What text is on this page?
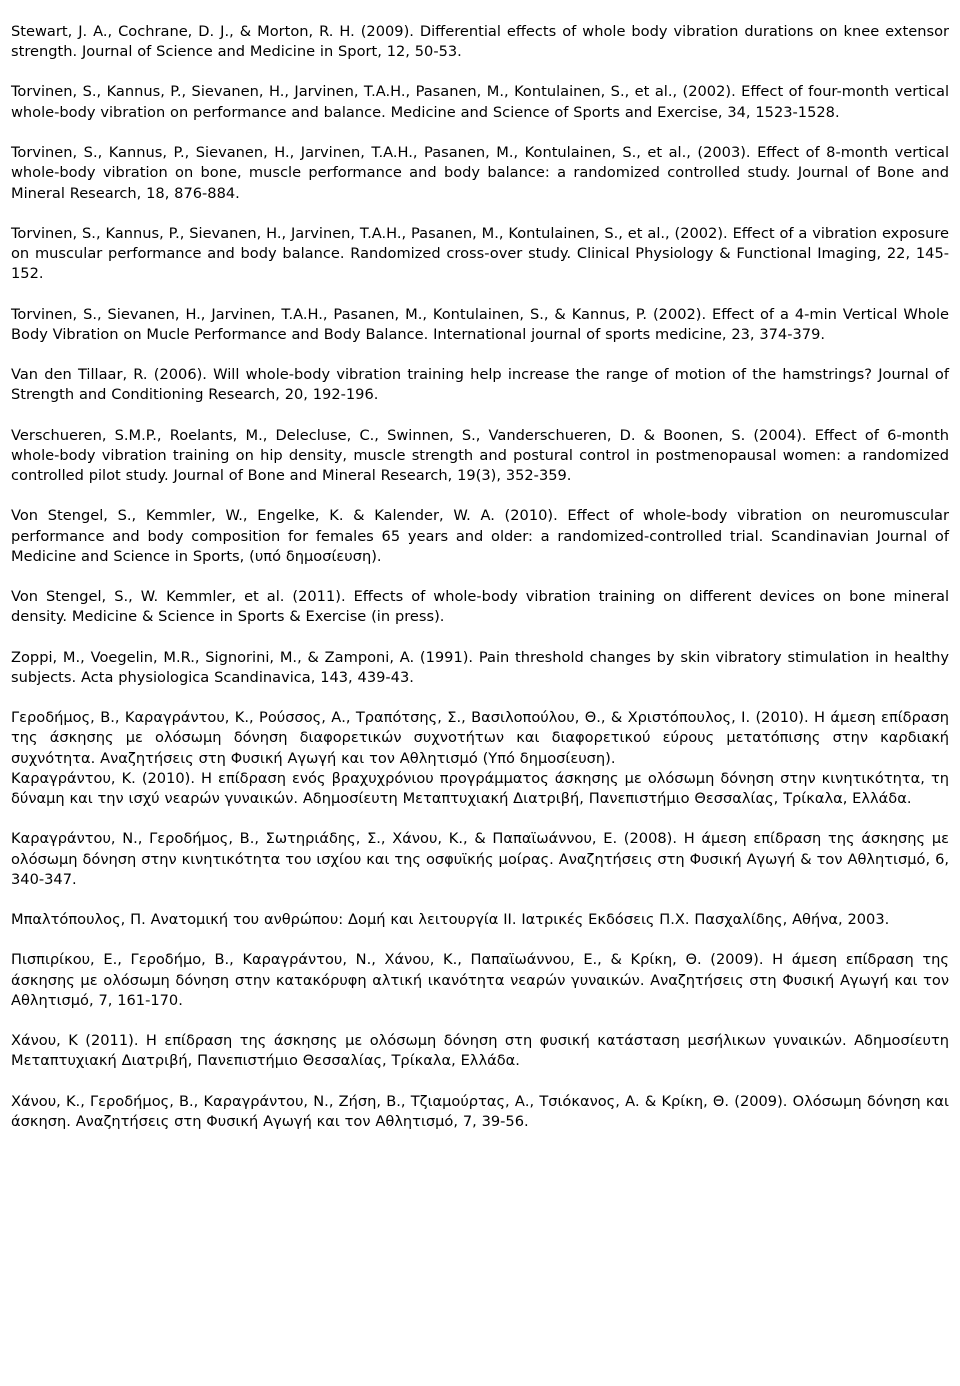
Stewart, J. A., Cochrane, D. J., & Morton, R. H. (2009). Differential effects of whole body vibration durations on knee extensor strength. Journal of Science and Medicine in Sport, 12, 50-53.

Torvinen, S., Kannus, P., Sievanen, H., Jarvinen, T.A.H., Pasanen, M., Kontulainen, S., et al., (2002). Effect of four-month vertical whole-body vibration on performance and balance. Medicine and Science of Sports and Exercise, 34, 1523-1528.

Torvinen, S., Kannus, P., Sievanen, H., Jarvinen, T.A.H., Pasanen, M., Kontulainen, S., et al., (2003). Effect of 8-month vertical whole-body vibration on bone, muscle performance and body balance: a randomized controlled study. Journal of Bone and Mineral Research, 18, 876-884.

Torvinen, S., Kannus, P., Sievanen, H., Jarvinen, T.A.H., Pasanen, M., Kontulainen, S., et al., (2002). Effect of a vibration exposure on muscular performance and body balance. Randomized cross-over study. Clinical Physiology & Functional Imaging, 22, 145-152.

Torvinen, S., Sievanen, H., Jarvinen, T.A.H., Pasanen, M., Kontulainen, S., & Kannus, P. (2002). Effect of a 4-min Vertical Whole Body Vibration on Mucle Performance and Body Balance. International journal of sports medicine, 23, 374-379.

Van den Tillaar, R. (2006). Will whole-body vibration training help increase the range of motion of the hamstrings? Journal of Strength and Conditioning Research, 20, 192-196.

Verschueren, S.M.P., Roelants, M., Delecluse, C., Swinnen, S., Vanderschueren, D. & Boonen, S. (2004). Effect of 6-month whole-body vibration training on hip density, muscle strength and postural control in postmenopausal women: a randomized controlled pilot study. Journal of Bone and Mineral Research, 19(3), 352-359.

Von Stengel, S., Kemmler, W., Engelke, K. & Kalender, W. A. (2010). Effect of whole-body vibration on neuromuscular performance and body composition for females 65 years and older: a randomized-controlled trial. Scandinavian Journal of Medicine and Science in Sports, (υπό δημοσίευση).

Von Stengel, S., W. Kemmler, et al. (2011). Effects of whole-body vibration training on different devices on bone mineral density. Medicine & Science in Sports & Exercise (in press).

Zoppi, M., Voegelin, M.R., Signorini, M., & Zamponi, A. (1991). Pain threshold changes by skin vibratory stimulation in healthy subjects. Acta physiologica Scandinavica, 143, 439-43.

Γεροδήμος, Β., Καραγράντου, Κ., Ρούσσος, Α., Τραπότσης, Σ., Βασιλοπούλου, Θ., & Χριστόπουλος, Ι. (2010). Η άμεση επίδραση της άσκησης με ολόσωμη δόνηση διαφορετικών συχνοτήτων και διαφορετικού εύρους μετατόπισης στην καρδιακή συχνότητα. Αναζητήσεις στη Φυσική Αγωγή και τον Αθλητισμό (Υπό δημοσίευση).

Καραγράντου, Κ. (2010). Η επίδραση ενός βραχυχρόνιου προγράμματος άσκησης με ολόσωμη δόνηση στην κινητικότητα, τη δύναμη και την ισχύ νεαρών γυναικών. Αδημοσίευτη Μεταπτυχιακή Διατριβή, Πανεπιστήμιο Θεσσαλίας, Τρίκαλα, Ελλάδα.

Καραγράντου, Ν., Γεροδήμος, Β., Σωτηριάδης, Σ., Χάνου, Κ., & Παπαϊωάννου, Ε. (2008). Η άμεση επίδραση της άσκησης με ολόσωμη δόνηση στην κινητικότητα του ισχίου και της οσφυϊκής μοίρας. Αναζητήσεις στη Φυσική Αγωγή & τον Αθλητισμό, 6, 340-347.

Μπαλτόπουλος, Π. Ανατομική του ανθρώπου: Δομή και λειτουργία ΙΙ. Ιατρικές Εκδόσεις Π.Χ. Πασχαλίδης, Αθήνα, 2003.

Πισπιρίκου, Ε., Γεροδήμο, Β., Καραγράντου, Ν., Χάνου, Κ., Παπαϊωάννου, Ε., & Κρίκη, Θ. (2009). Η άμεση επίδραση της άσκησης με ολόσωμη δόνηση στην κατακόρυφη αλτική ικανότητα νεαρών γυναικών. Αναζητήσεις στη Φυσική Αγωγή και τον Αθλητισμό, 7, 161-170.

Χάνου, Κ (2011). Η επίδραση της άσκησης με ολόσωμη δόνηση στη φυσική κατάσταση μεσήλικων γυναικών. Αδημοσίευτη Μεταπτυχιακή Διατριβή, Πανεπιστήμιο Θεσσαλίας, Τρίκαλα, Ελλάδα.

Χάνου, Κ., Γεροδήμος, Β., Καραγράντου, Ν., Ζήση, Β., Τζιαμούρτας, Α., Τσιόκανος, Α. & Κρίκη, Θ. (2009). Ολόσωμη δόνηση και άσκηση. Αναζητήσεις στη Φυσική Αγωγή και τον Αθλητισμό, 7, 39-56.
